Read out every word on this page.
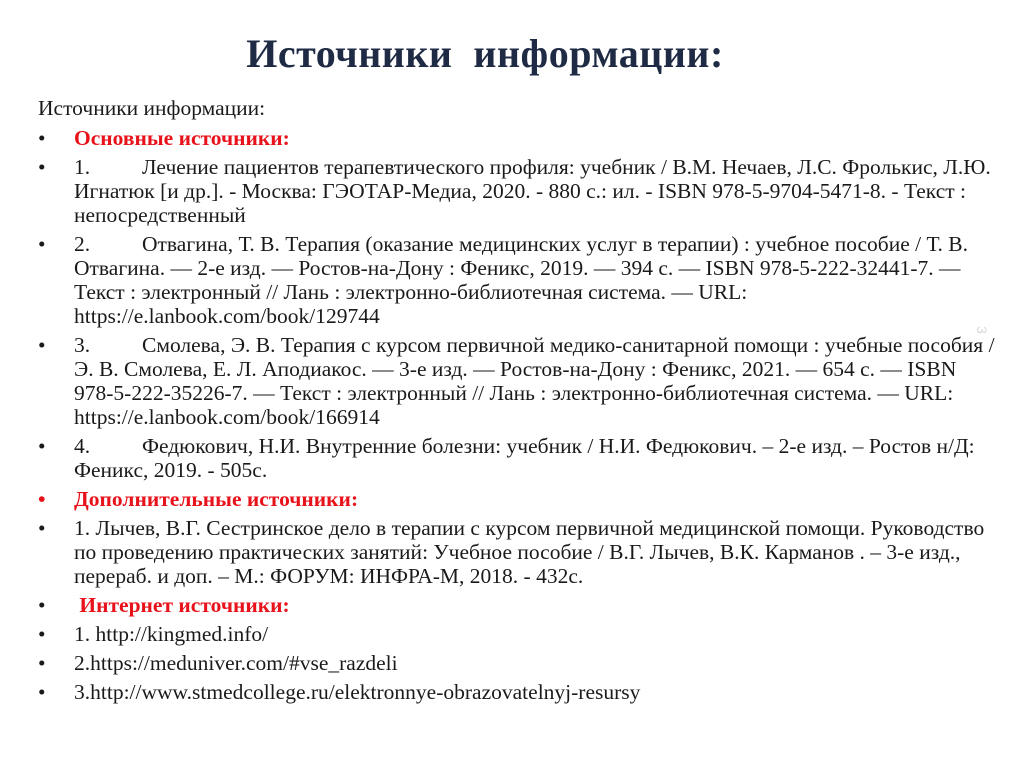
Источники  информации:
3
Источники информации:
•	Основные источники:
•	1. Лечение пациентов терапевтического профиля: учебник / В.М. Нечаев, Л.С. Фролькис, Л.Ю. Игнатюк [и др.]. - Москва: ГЭОТАР-Медиа, 2020. - 880 с.: ил. - ISBN 978-5-9704-5471-8. - Текст : непосредственный
•	2. Отвагина, Т. В. Терапия (оказание медицинских услуг в терапии) : учебное пособие / Т. В. Отвагина. — 2-е изд. — Ростов-на-Дону : Феникс, 2019. — 394 с. — ISBN 978-5-222-32441-7. — Текст : электронный // Лань : электронно-библиотечная система. — URL: https://e.lanbook.com/book/129744
•	3. Смолева, Э. В. Терапия с курсом первичной медико-санитарной помощи : учебные пособия / Э. В. Смолева, Е. Л. Аподиакос. — 3-е изд. — Ростов-на-Дону : Феникс, 2021. — 654 с. — ISBN 978-5-222-35226-7. — Текст : электронный // Лань : электронно-библиотечная система. — URL: https://e.lanbook.com/book/166914
•	4. Федюкович, Н.И. Внутренние болезни: учебник / Н.И. Федюкович. – 2-е изд. – Ростов н/Д: Феникс, 2019. - 505с.
•	Дополнительные источники:
•	1. Лычев, В.Г. Сестринское дело в терапии с курсом первичной медицинской помощи. Руководство по проведению практических занятий: Учебное пособие / В.Г. Лычев, В.К. Карманов . – 3-е изд., перераб. и доп. – М.: ФОРУМ: ИНФРА-М, 2018. - 432с.
•	Интернет источники:
•	1. http://kingmed.info/
•	2.https://meduniver.com/#vse_razdeli
•	3.http://www.stmedcollege.ru/elektronnye-obrazovatelnyj-resursy
